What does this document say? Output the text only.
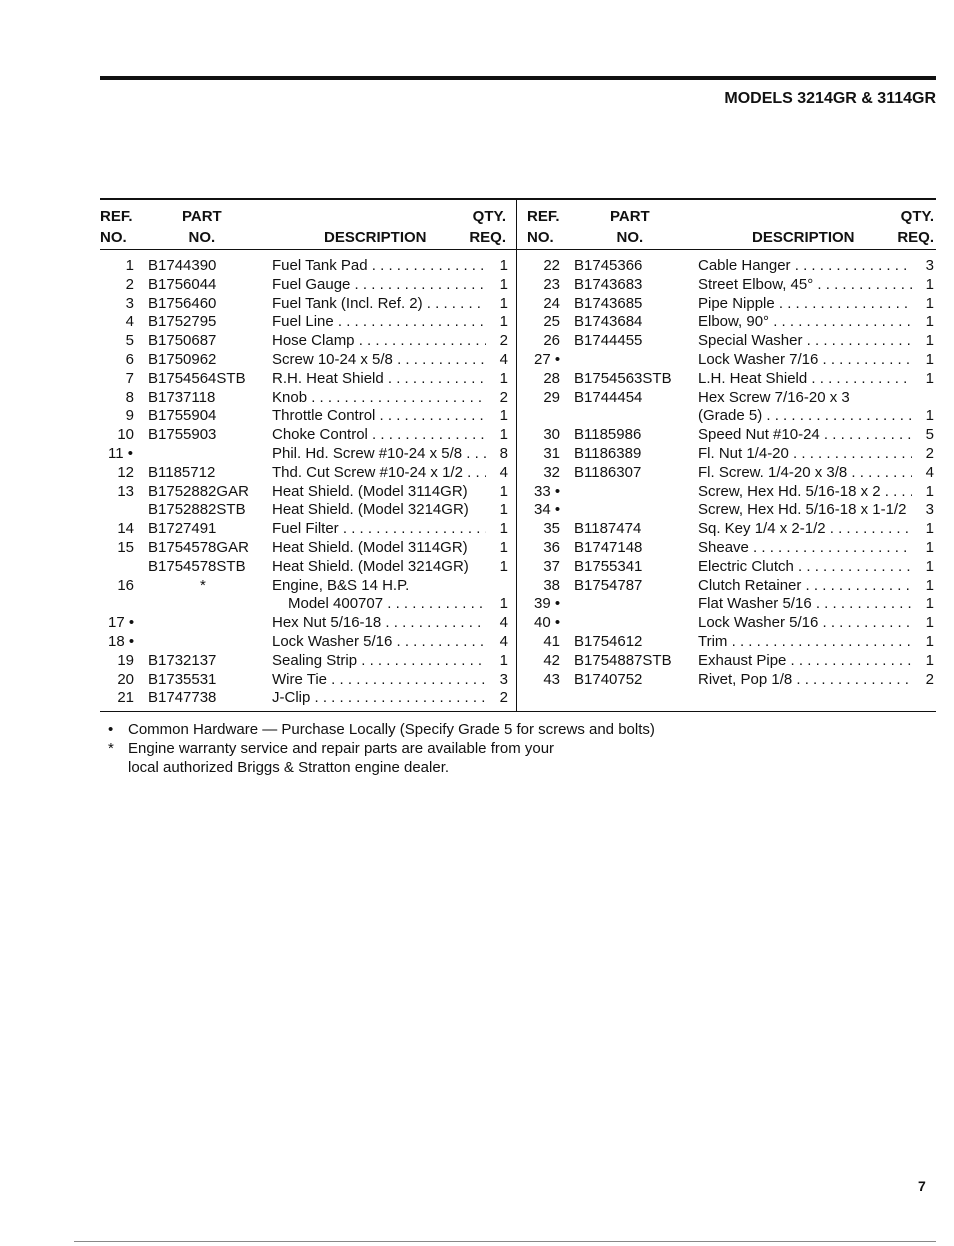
MODELS 3214GR & 3114GR
REF.
NO.
PART
NO.	DESCRIPTION
QTY.
REQ.
REF.
NO.
PART
NO.	DESCRIPTION
QTY.
REQ.
1 B1744390	Fuel Tank Pad . . .	1
2 B1756044	Fuel Gauge . . .	1
3 B1756460	Fuel Tank (Incl. Ref. 2) . . .	1
4 B1752795	Fuel Line . . .	1
5 B1750687	Hose Clamp . . .	2
6 B1750962	Screw 10-24 x 5/8 . . .	4
7 B1754564STB R.H. Heat Shield . . .	1
8 B1737118	Knob . . .	2
9 B1755904	Throttle Control . . .	1
10 B1755903	Choke Control . . .	1
11 •	Phil. Hd. Screw #10-24 x 5/8 . . .	8
12 B1185712	Thd. Cut Screw #10-24 x 1/2 . . .	4
13 B1752882GAR Heat Shield. (Model 3114GR)	1
B1752882STB Heat Shield. (Model 3214GR)	1
14 B1727491	Fuel Filter . . .	1
15 B1754578GAR Heat Shield. (Model 3114GR)	1
B1754578STB Heat Shield. (Model 3214GR)	1
16	*	Engine, B&S 14 H.P.
Model 400707 . . .	1
17 •	Hex Nut 5/16-18 . . .	4
18 •	Lock Washer 5/16 . . .	4
19 B1732137	Sealing Strip . . .	1
20 B1735531	Wire Tie . . .	3
21 B1747738	J-Clip . . .	2
22 B1745366	Cable Hanger . . .	3
23 B1743683	Street Elbow, 45° . . .	1
24 B1743685	Pipe Nipple . . .	1
25 B1743684	Elbow, 90° . . .	1
26 B1744455	Special Washer . . .	1
27 •	Lock Washer 7/16 . . .	1
28 B1754563STB L.H. Heat Shield . . .	1
29 B1744454	Hex Screw 7/16-20 x 3
(Grade 5) . . .	1
30 B1185986	Speed Nut #10-24 . . .	5
31 B1186389	Fl. Nut 1/4-20 . . .	2
32 B1186307	Fl. Screw. 1/4-20 x 3/8 . . .	4
33 •	Screw, Hex Hd. 5/16-18 x 2 . . .	1
34 •	Screw, Hex Hd. 5/16-18 x 1-1/2	3
35 B1187474	Sq. Key 1/4 x 2-1/2 . . .	1
36 B1747148	Sheave . . .	1
37 B1755341	Electric Clutch . . .	1
38 B1754787	Clutch Retainer . . .	1
39 •	Flat Washer 5/16 . . .	1
40 •	Lock Washer 5/16 . . .	1
41 B1754612	Trim . . .	1
42 B1754887STB Exhaust Pipe . . .	1
43 B1740752	Rivet, Pop 1/8 . . .	2
• Common Hardware — Purchase Locally (Specify Grade 5 for screws and bolts)
* Engine warranty service and repair parts are available from your
local authorized Briggs & Stratton engine dealer.
7
